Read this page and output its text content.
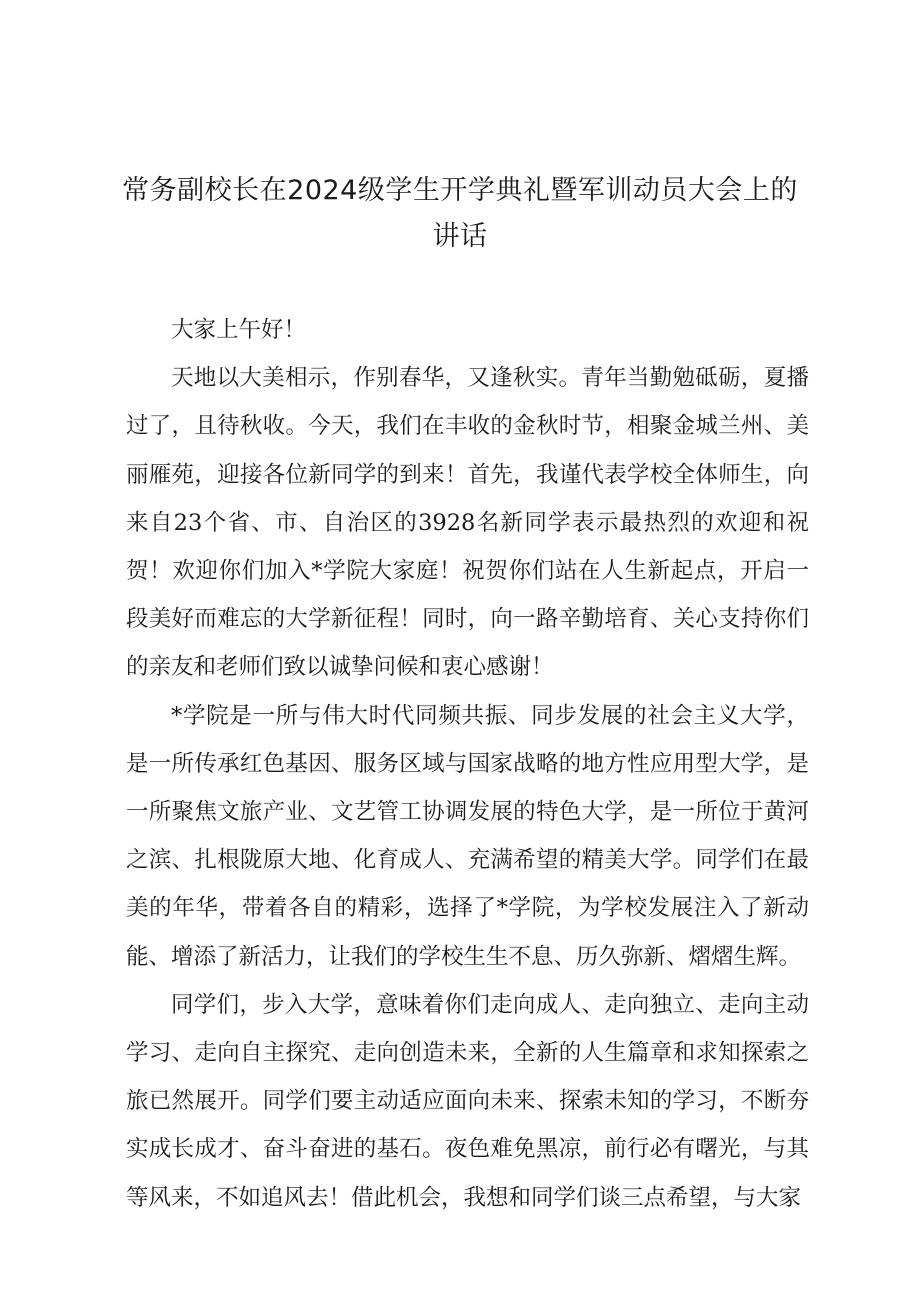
常务副校长在2024级学生开学典礼暨军训动员大会上的
讲话

大家上午好！

天地以大美相示，作别春华，又逢秋实。青年当勤勉砥砺，夏播过了，且待秋收。今天，我们在丰收的金秋时节，相聚金城兰州、美丽雁苑，迎接各位新同学的到来！首先，我谨代表学校全体师生，向来自23个省、市、自治区的3928名新同学表示最热烈的欢迎和祝贺！欢迎你们加入*学院大家庭！祝贺你们站在人生新起点，开启一段美好而难忘的大学新征程！同时，向一路辛勤培育、关心支持你们的亲友和老师们致以诚挚问候和衷心感谢！

*学院是一所与伟大时代同频共振、同步发展的社会主义大学，是一所传承红色基因、服务区域与国家战略的地方性应用型大学，是一所聚焦文旅产业、文艺管工协调发展的特色大学，是一所位于黄河之滨、扎根陇原大地、化育成人、充满希望的精美大学。同学们在最美的年华，带着各自的精彩，选择了*学院，为学校发展注入了新动能、增添了新活力，让我们的学校生生不息、历久弥新、熠熠生辉。

同学们，步入大学，意味着你们走向成人、走向独立、走向主动学习、走向自主探究、走向创造未来，全新的人生篇章和求知探索之旅已然展开。同学们要主动适应面向未来、探索未知的学习，不断夯实成长成才、奋斗奋进的基石。夜色难免黑凉，前行必有曙光，与其等风来，不如追风去！借此机会，我想和同学们谈三点希望，与大家
